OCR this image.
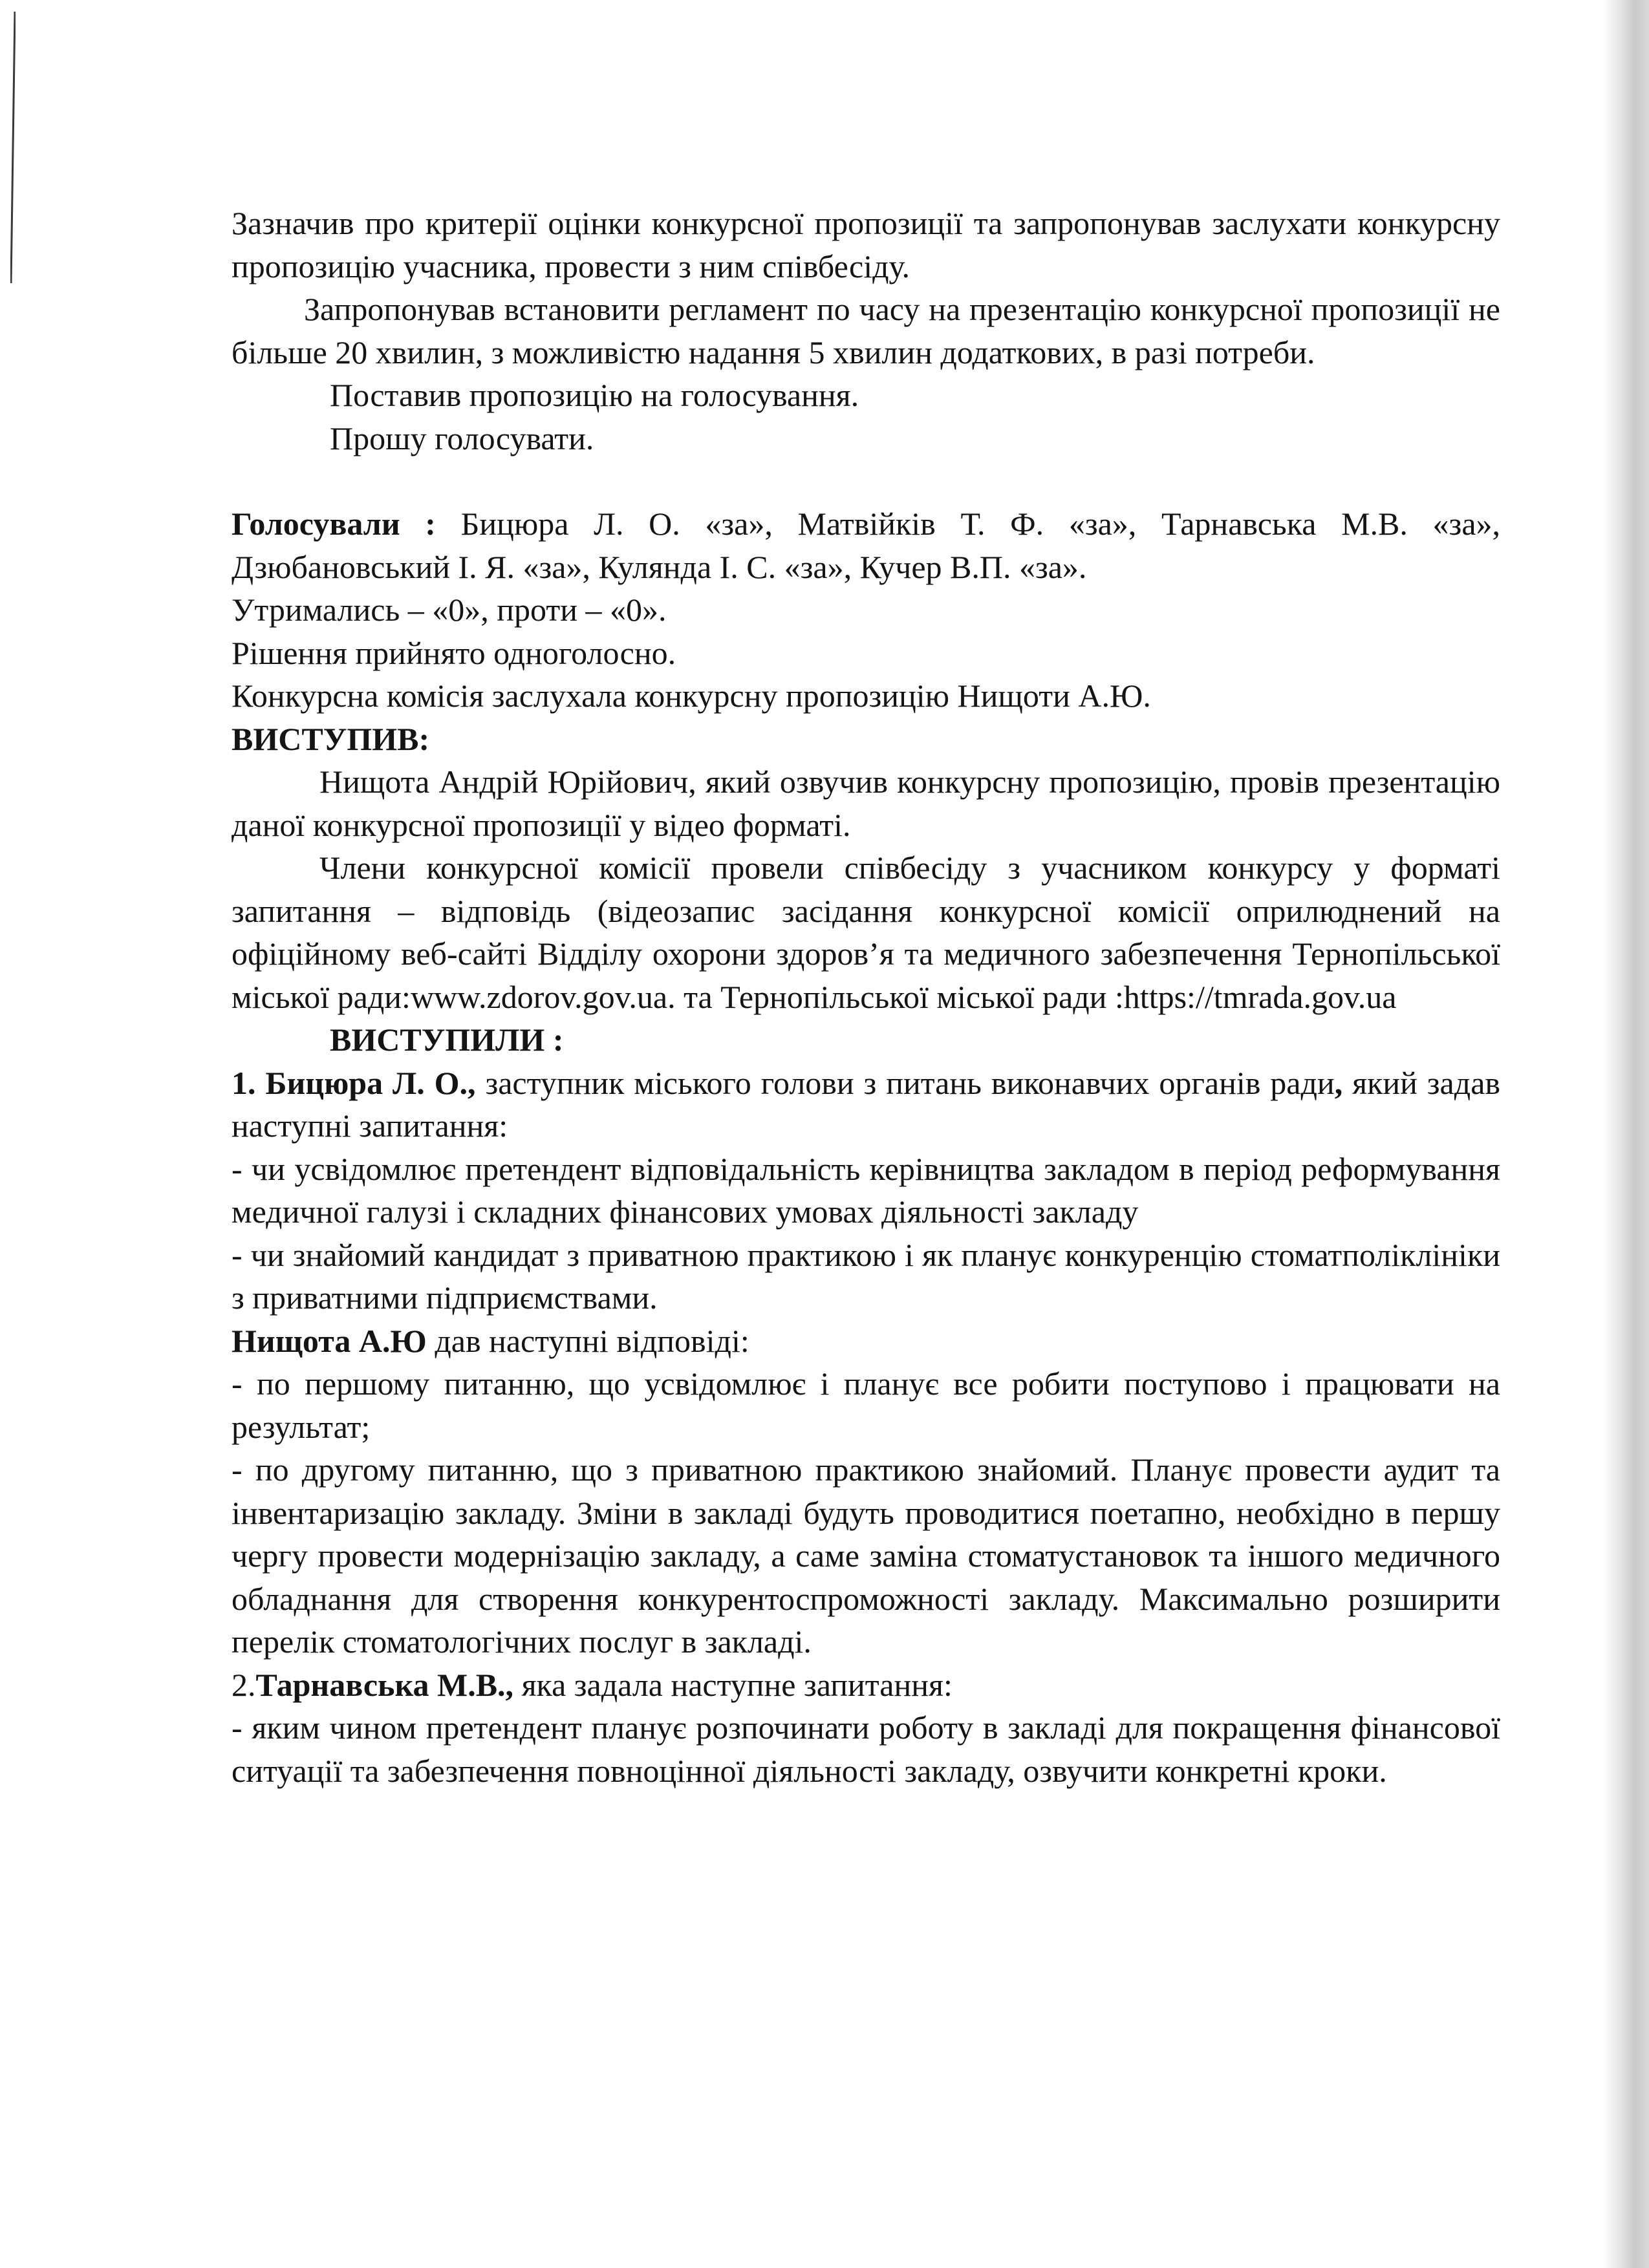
Зазначив про критерії оцінки конкурсної пропозиції та запропонував заслухати конкурсну пропозицію учасника, провести з ним співбесіду.

Запропонував встановити регламент по часу на презентацію конкурсної пропозиції не більше 20 хвилин, з можливістю надання 5 хвилин додаткових, в разі потреби.

Поставив пропозицію на голосування.

Прошу голосувати.

Голосували : Бицюра Л. О. «за», Матвійків Т. Ф. «за», Тарнавська М.В. «за», Дзюбановський І. Я. «за», Кулянда І. С. «за», Кучер В.П. «за».

Утримались – «0», проти – «0».

Рішення прийнято одноголосно.

Конкурсна комісія заслухала конкурсну пропозицію Нищоти А.Ю.

ВИСТУПИВ:

Нищота Андрій Юрійович, який озвучив конкурсну пропозицію, провів презентацію даної конкурсної пропозиції у відео форматі.

Члени конкурсної комісії провели співбесіду з учасником конкурсу у форматі запитання – відповідь (відеозапис засідання конкурсної комісії оприлюднений на офіційному веб-сайті Відділу охорони здоров’я та медичного забезпечення Тернопільської міської ради:www.zdorov.gov.ua. та Тернопільської міської ради :https://tmrada.gov.ua

ВИСТУПИЛИ :

1. Бицюра Л. О., заступник міського голови з питань виконавчих органів ради, який задав наступні запитання:

- чи усвідомлює претендент відповідальність керівництва закладом в період реформування медичної галузі і складних фінансових умовах діяльності закладу

- чи знайомий кандидат з приватною практикою і як планує конкуренцію стоматполіклініки з приватними підприємствами.

Нищота А.Ю дав наступні відповіді:

- по першому питанню, що усвідомлює і планує все робити поступово і працювати на результат;

- по другому питанню, що з приватною практикою знайомий. Планує провести аудит та інвентаризацію закладу. Зміни в закладі будуть проводитися поетапно, необхідно в першу чергу провести модернізацію закладу, а саме заміна стоматустановок та іншого медичного обладнання для створення конкурентоспроможності закладу. Максимально розширити перелік стоматологічних послуг в закладі.

2.Тарнавська М.В., яка задала наступне запитання:

- яким чином претендент планує розпочинати роботу в закладі для покращення фінансової ситуації та забезпечення повноцінної діяльності закладу, озвучити конкретні кроки.
